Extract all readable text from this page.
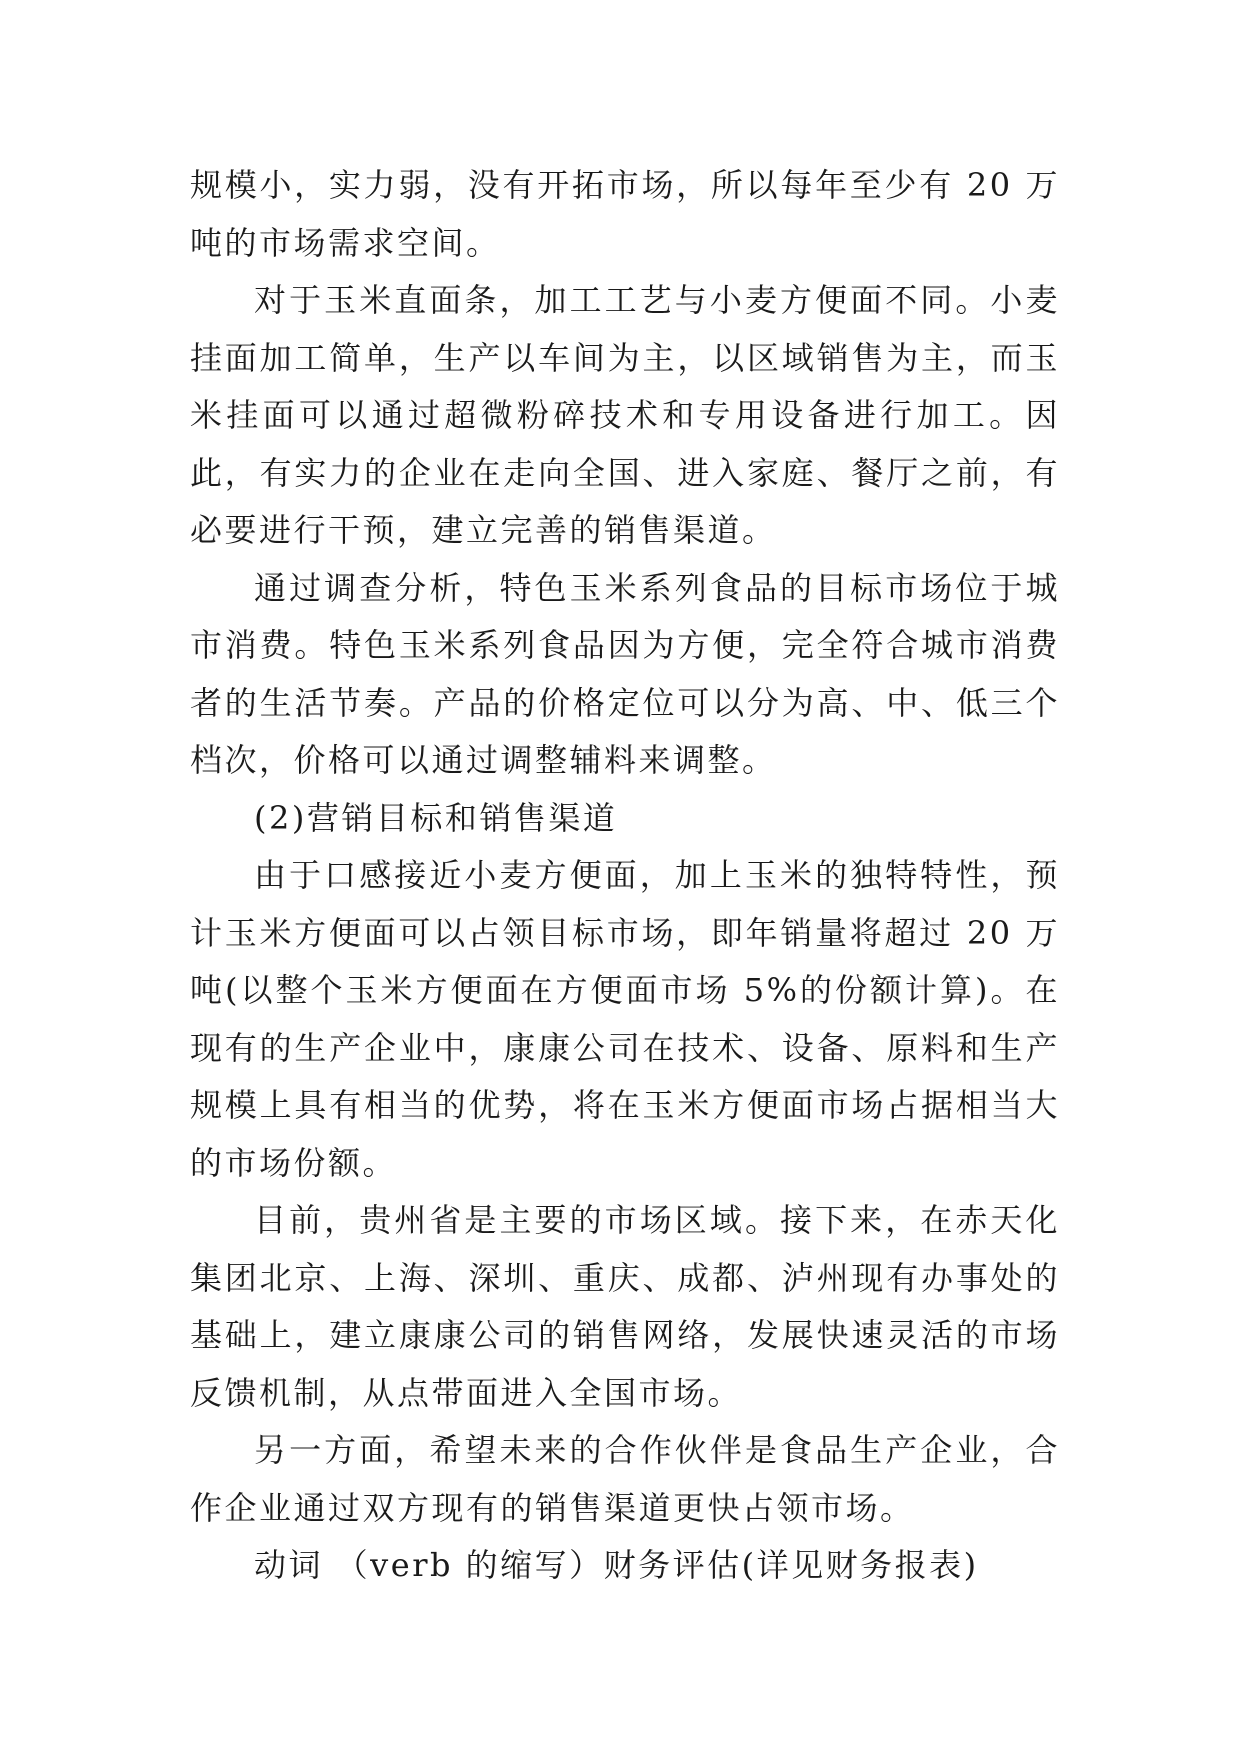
规模小，实力弱，没有开拓市场，所以每年至少有 20 万吨的市场需求空间。

对于玉米直面条，加工工艺与小麦方便面不同。小麦挂面加工简单，生产以车间为主，以区域销售为主，而玉米挂面可以通过超微粉碎技术和专用设备进行加工。因此，有实力的企业在走向全国、进入家庭、餐厅之前，有必要进行干预，建立完善的销售渠道。

通过调查分析，特色玉米系列食品的目标市场位于城市消费。特色玉米系列食品因为方便，完全符合城市消费者的生活节奏。产品的价格定位可以分为高、中、低三个档次，价格可以通过调整辅料来调整。

(2)营销目标和销售渠道

由于口感接近小麦方便面，加上玉米的独特特性，预计玉米方便面可以占领目标市场，即年销量将超过 20 万吨(以整个玉米方便面在方便面市场 5%的份额计算)。在现有的生产企业中，康康公司在技术、设备、原料和生产规模上具有相当的优势，将在玉米方便面市场占据相当大的市场份额。

目前，贵州省是主要的市场区域。接下来，在赤天化集团北京、上海、深圳、重庆、成都、泸州现有办事处的基础上，建立康康公司的销售网络，发展快速灵活的市场反馈机制，从点带面进入全国市场。

另一方面，希望未来的合作伙伴是食品生产企业，合作企业通过双方现有的销售渠道更快占领市场。

动词 （verb 的缩写）财务评估(详见财务报表)
